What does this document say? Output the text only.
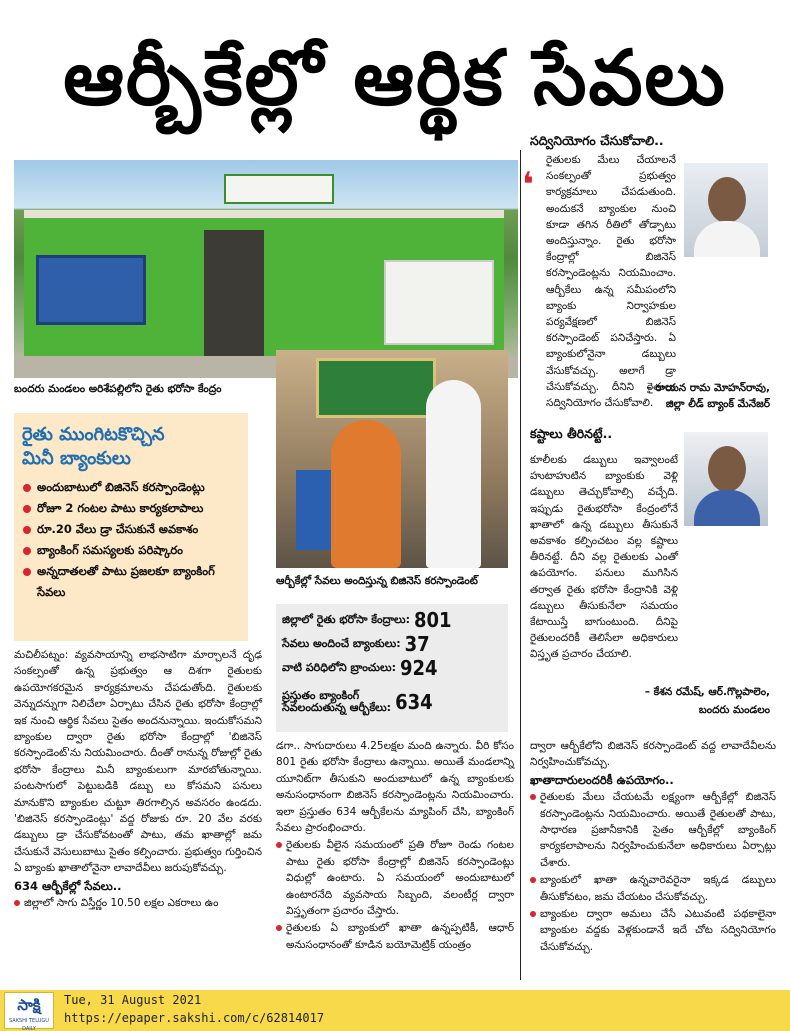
ఆర్బీకేల్లో ఆర్థిక సేవలు
బందరు మండలం అరిశేపల్లిలోని రైతు భరోసా కేంద్రం
ఆర్బీకేల్లో సేవలు అందిస్తున్న బిజినెస్ కరస్పాండెంట్
రైతు ముంగిటకొచ్చిన
మినీ బ్యాంకులు
అందుబాటులో బిజినెస్ కరస్పాండెంట్లు
రోజూ 2 గంటల పాటు కార్యకలాపాలు
రూ.20 వేలు డ్రా చేసుకునే అవకాశం
బ్యాంకింగ్ సమస్యలకు పరిష్కారం
అన్నదాతలతో పాటు ప్రజలకూ బ్యాంకింగ్ సేవలు
జిల్లాలో రైతు భరోసా కేంద్రాలు: 801
సేవలు అందించే బ్యాంకులు: 37
వాటి పరిధిలోని బ్రాంచులు: 924
ప్రస్తుతం బ్యాంకింగ్
సేవలందుతున్న ఆర్బీకేలు: 634
సద్వినియోగం చేసుకోవాలి..
❛
రైతులకు మేలు చేయాలనే సంకల్పంతో ప్రభుత్వం కార్యక్రమాలు చేపడుతుంది. అందుకనే బ్యాంకుల నుంచి కూడా తగిన రీతిలో తోడ్పాటు అందిస్తున్నాం. రైతు భరోసా కేంద్రాల్లో బిజినెస్ కరస్పాండెంట్లను నియమించాం. ఆర్బీకేలు ఉన్న సమీపంలోని బ్యాంకు నిర్వాహకుల పర్యవేక్షణలో బిజినెస్ కరస్పాండెంట్ పనిచేస్తారు. ఏ బ్యాంకులోనైనా డబ్బులు వేసుకోవచ్చు. అలాగే డ్రా చేసుకోవచ్చు. దీనిని రైతులు సద్వినియోగం చేసుకోవాలి.
– రాయన రామ మోహన్‌రావు,
జిల్లా లీడ్ బ్యాంక్ మేనేజర్
కష్టాలు తీరినట్టే..
కూలీలకు డబ్బులు ఇవ్వాలంటే హుటాహుటిన బ్యాంకుకు వెళ్లి డబ్బులు తెచ్చుకోవాల్సి వచ్చేది. ఇప్పుడు రైతుభరోసా కేంద్రంలోనే ఖాతాలో ఉన్న డబ్బులు తీసుకునే అవకాశం కల్పించటం వల్ల కష్టాలు తీరినట్టే. దీని వల్ల రైతులకు ఎంతో ఉపయోగం. పనులు ముగిసిన తర్వాత రైతు భరోసా కేంద్రానికి వెళ్లి డబ్బులు తీసుకునేలా సమయం కేటాయిస్తే బాగుంటుంది. దీనిపై రైతులందరికీ తెలిసేలా అధికారులు విస్తృత ప్రచారం చేయాలి.
– కేశన రమేష్, ఆర్.గొల్లపాలెం,
బందరు మండలం

మచిలీపట్నం: వ్యవసాయాన్ని లాభసాటిగా మార్చాలనే దృఢ సంకల్పంతో ఉన్న ప్రభుత్వం ఆ దిశగా రైతులకు ఉపయోగకరమైన కార్యక్రమాలను చేపడుతోంది. రైతులకు వెన్నుదన్నుగా నిలిచేలా ఏర్పాటు చేసిన రైతు భరోసా కేంద్రాల్లో ఇక నుంచి ఆర్థిక సేవలు సైతం అందనున్నాయి. ఇందుకోసమని బ్యాంకుల ద్వారా రైతు భరోసా కేంద్రాల్లో 'బిజినెస్ కరస్పాండెంట్'ను నియమించారు. దీంతో రానున్న రోజుల్లో రైతు భరోసా కేంద్రాలు మినీ బ్యాంకులుగా మారబోతున్నాయి. పంటసాగులో పెట్టుబడికి డబ్బు లు కోసమని పనులు మానుకొని బ్యాంకుల చుట్టూ తిరగాల్సిన అవసరం ఉండదు. 'బిజినెస్ కరస్పాండెంట్లు' వద్ద రోజుకు రూ. 20 వేల వరకు డబ్బులు డ్రా చేసుకోవటంతో పాటు, తమ ఖాతాల్లో జమ చేసుకునే వెసులుబాటు సైతం కల్పించారు. ప్రభుత్వం గుర్తించిన ఏ బ్యాంకు ఖాతాలోనైనా లావాదేవీలు జరుపుకోవచ్చు.

634 ఆర్బీకేల్లో సేవలు..

జిల్లాలో సాగు విస్తీర్ణం 10.50 లక్షల ఎకరాలు ఉం

డగా.. సాగుదారులు 4.25లక్షల మంది ఉన్నారు. వీరి కోసం 801 రైతు భరోసా కేంద్రాలు ఉన్నాయి. అయితే మండలాన్ని యూనిట్‌గా తీసుకుని అందుబాటులో ఉన్న బ్యాంకులకు అనుసంధానంగా బిజినెస్ కరస్పాండెంట్లను నియమించారు. ఇలా ప్రస్తుతం 634 ఆర్బీకేలను మ్యాపింగ్ చేసి, బ్యాంకింగ్ సేవలు ప్రారంభించారు.

రైతులకు వీలైన సమయంలో ప్రతి రోజూ రెండు గంటల పాటు రైతు భరోసా కేంద్రాల్లో బిజినెస్ కరస్పాండెంట్లు విధుల్లో ఉంటారు. ఏ సమయంలో అందుబాటులో ఉంటారనేది వ్యవసాయ సిబ్బంది, వలంటీర్ల ద్వారా విస్తృతంగా ప్రచారం చేస్తారు.

రైతులకు ఏ బ్యాంకులో ఖాతా ఉన్నప్పటికీ, ఆధార్ అనుసంధానంతో కూడిన బయోమెట్రిక్ యంత్రం

ద్వారా ఆర్బీకేలోని బిజినెస్ కరస్పాండెంట్ వద్ద లావాదేవీలను నిర్వహించుకోవచ్చు.

ఖాతాదారులందరికీ ఉపయోగం..

రైతులకు మేలు చేయటమే లక్ష్యంగా ఆర్బీకేల్లో బిజినెస్ కరస్పాండెంట్లను నియమించారు. అయితే రైతులతో పాటు, సాధారణ ప్రజానీకానికి సైతం ఆర్బీకేల్లో బ్యాంకింగ్ కార్యకలాపాలను నిర్వహించుకునేలా అధికారులు ఏర్పాట్లు చేశారు.

బ్యాంకులో ఖాతా ఉన్నవారెవరైనా ఇక్కడ డబ్బులు తీసుకోవటం, జమ చేయటం చేసుకోవచ్చు.

బ్యాంకుల ద్వారా అమలు చేసే ఎటువంటి పథకాలైనా బ్యాంకుల వద్దకు వెళ్లకుండానే ఇదే చోట సద్వినియోగం చేసుకోవచ్చు.

సాక్షి
SAKSHI TELUGU DAILY
Tue, 31 August 2021
https://epaper.sakshi.com/c/62814017
